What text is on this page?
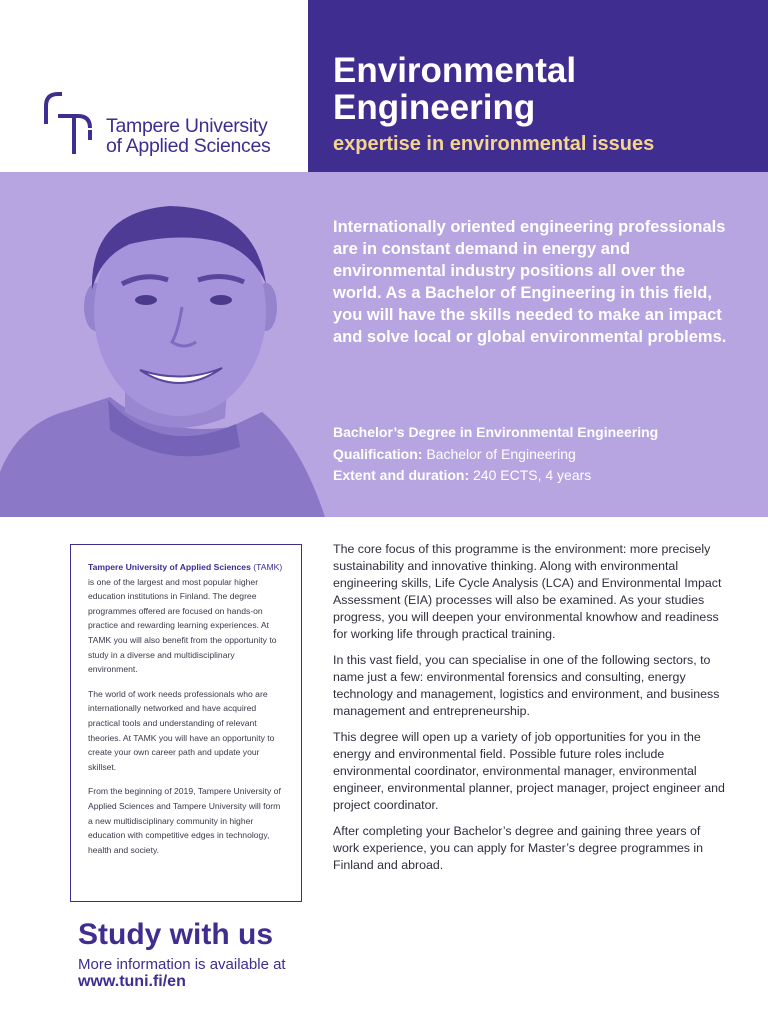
Tampere University
of Applied Sciences
Environmental
Engineering
expertise in environmental issues

Internationally oriented engineering professionals are in constant demand in energy and environmental industry positions all over the world. As a Bachelor of Engineering in this field, you will have the skills needed to make an impact and solve local or global environmental problems.

Bachelor’s Degree in Environmental Engineering
Qualification: Bachelor of Engineering
Extent and duration: 240 ECTS, 4 years

Tampere University of Applied Sciences (TAMK) is one of the largest and most popular higher education institutions in Finland. The degree programmes offered are focused on hands-on practice and rewarding learning experiences. At TAMK you will also benefit from the opportunity to study in a diverse and multidisciplinary environment.

The world of work needs professionals who are internationally networked and have acquired practical tools and understanding of relevant theories. At TAMK you will have an opportunity to create your own career path and update your skillset.

From the beginning of 2019, Tampere University of Applied Sciences and Tampere University will form a new multidisciplinary community in higher education with competitive edges in technology, health and society.

Study with us
More information is available at
www.tuni.fi/en

The core focus of this programme is the environment: more precisely sustainability and innovative thinking. Along with environmental engineering skills, Life Cycle Analysis (LCA) and Environmental Impact Assessment (EIA) processes will also be examined. As your studies progress, you will deepen your environmental knowhow and readiness for working life through practical training.

In this vast field, you can specialise in one of the following sectors, to name just a few: environmental forensics and consulting, energy technology and management, logistics and environment, and business management and entrepreneurship.

This degree will open up a variety of job opportunities for you in the energy and environmental field. Possible future roles include environmental coordinator, environmental manager, environmental engineer, environmental planner, project manager, project engineer and project coordinator.

After completing your Bachelor’s degree and gaining three years of work experience, you can apply for Master’s degree programmes in Finland and abroad.
